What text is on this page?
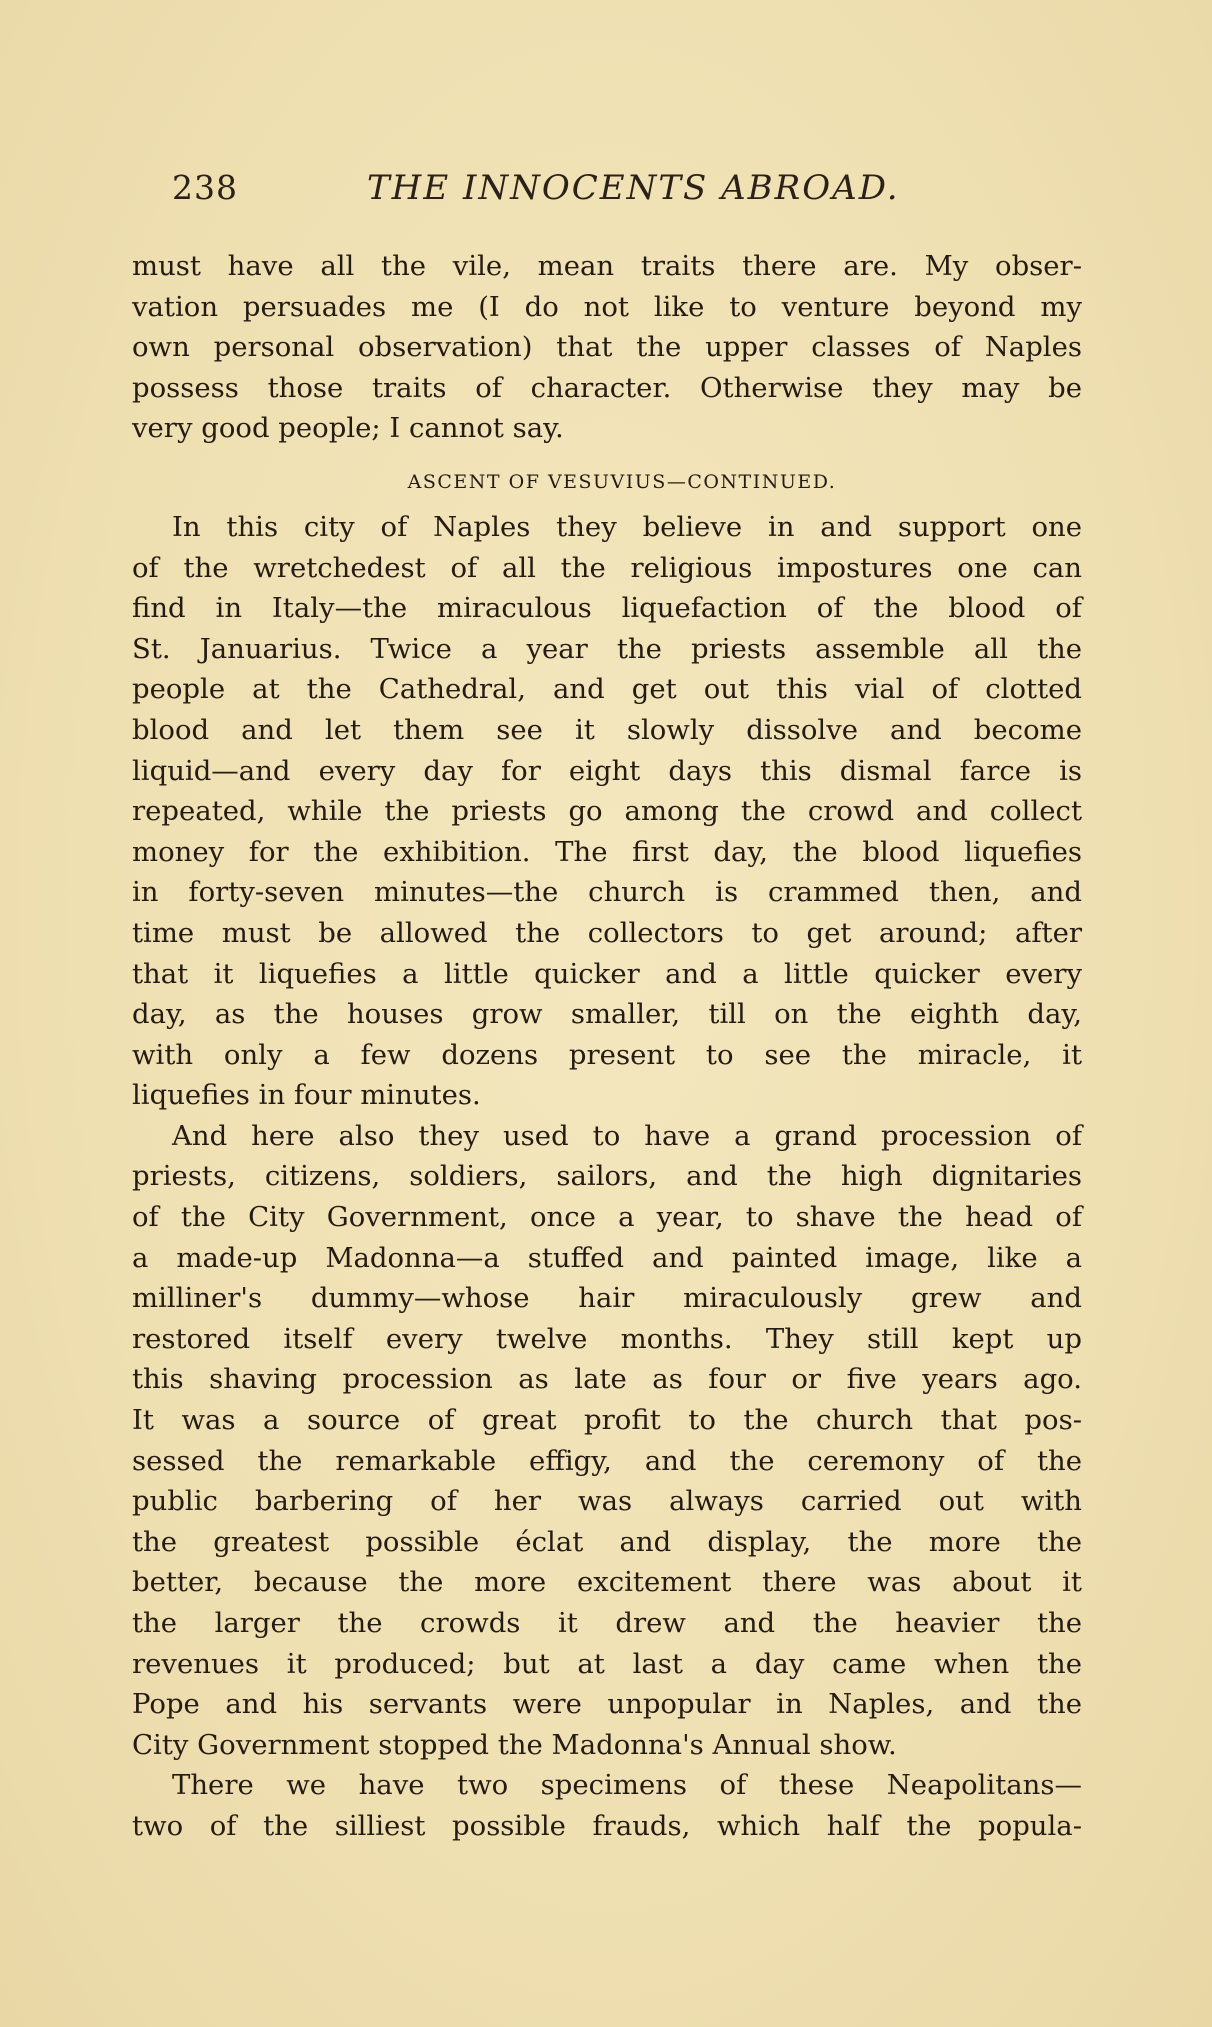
238	THE INNOCENTS ABROAD.
must have all the vile, mean traits there are. My obser-
vation persuades me (I do not like to venture beyond my
own personal observation) that the upper classes of Naples
possess those traits of character. Otherwise they may be
very good people; I cannot say.
ASCENT OF VESUVIUS—CONTINUED.
In this city of Naples they believe in and support one
of the wretchedest of all the religious impostures one can
find in Italy—the miraculous liquefaction of the blood of
St. Januarius. Twice a year the priests assemble all the
people at the Cathedral, and get out this vial of clotted
blood and let them see it slowly dissolve and become
liquid—and every day for eight days this dismal farce is
repeated, while the priests go among the crowd and collect
money for the exhibition. The first day, the blood liquefies
in forty-seven minutes—the church is crammed then, and
time must be allowed the collectors to get around; after
that it liquefies a little quicker and a little quicker every
day, as the houses grow smaller, till on the eighth day,
with only a few dozens present to see the miracle, it
liquefies in four minutes.
And here also they used to have a grand procession of
priests, citizens, soldiers, sailors, and the high dignitaries
of the City Government, once a year, to shave the head of
a made-up Madonna—a stuffed and painted image, like a
milliner's dummy—whose hair miraculously grew and
restored itself every twelve months. They still kept up
this shaving procession as late as four or five years ago.
It was a source of great profit to the church that pos-
sessed the remarkable effigy, and the ceremony of the
public barbering of her was always carried out with
the greatest possible éclat and display, the more the
better, because the more excitement there was about it
the larger the crowds it drew and the heavier the
revenues it produced; but at last a day came when the
Pope and his servants were unpopular in Naples, and the
City Government stopped the Madonna's Annual show.
There we have two specimens of these Neapolitans—
two of the silliest possible frauds, which half the popula-
